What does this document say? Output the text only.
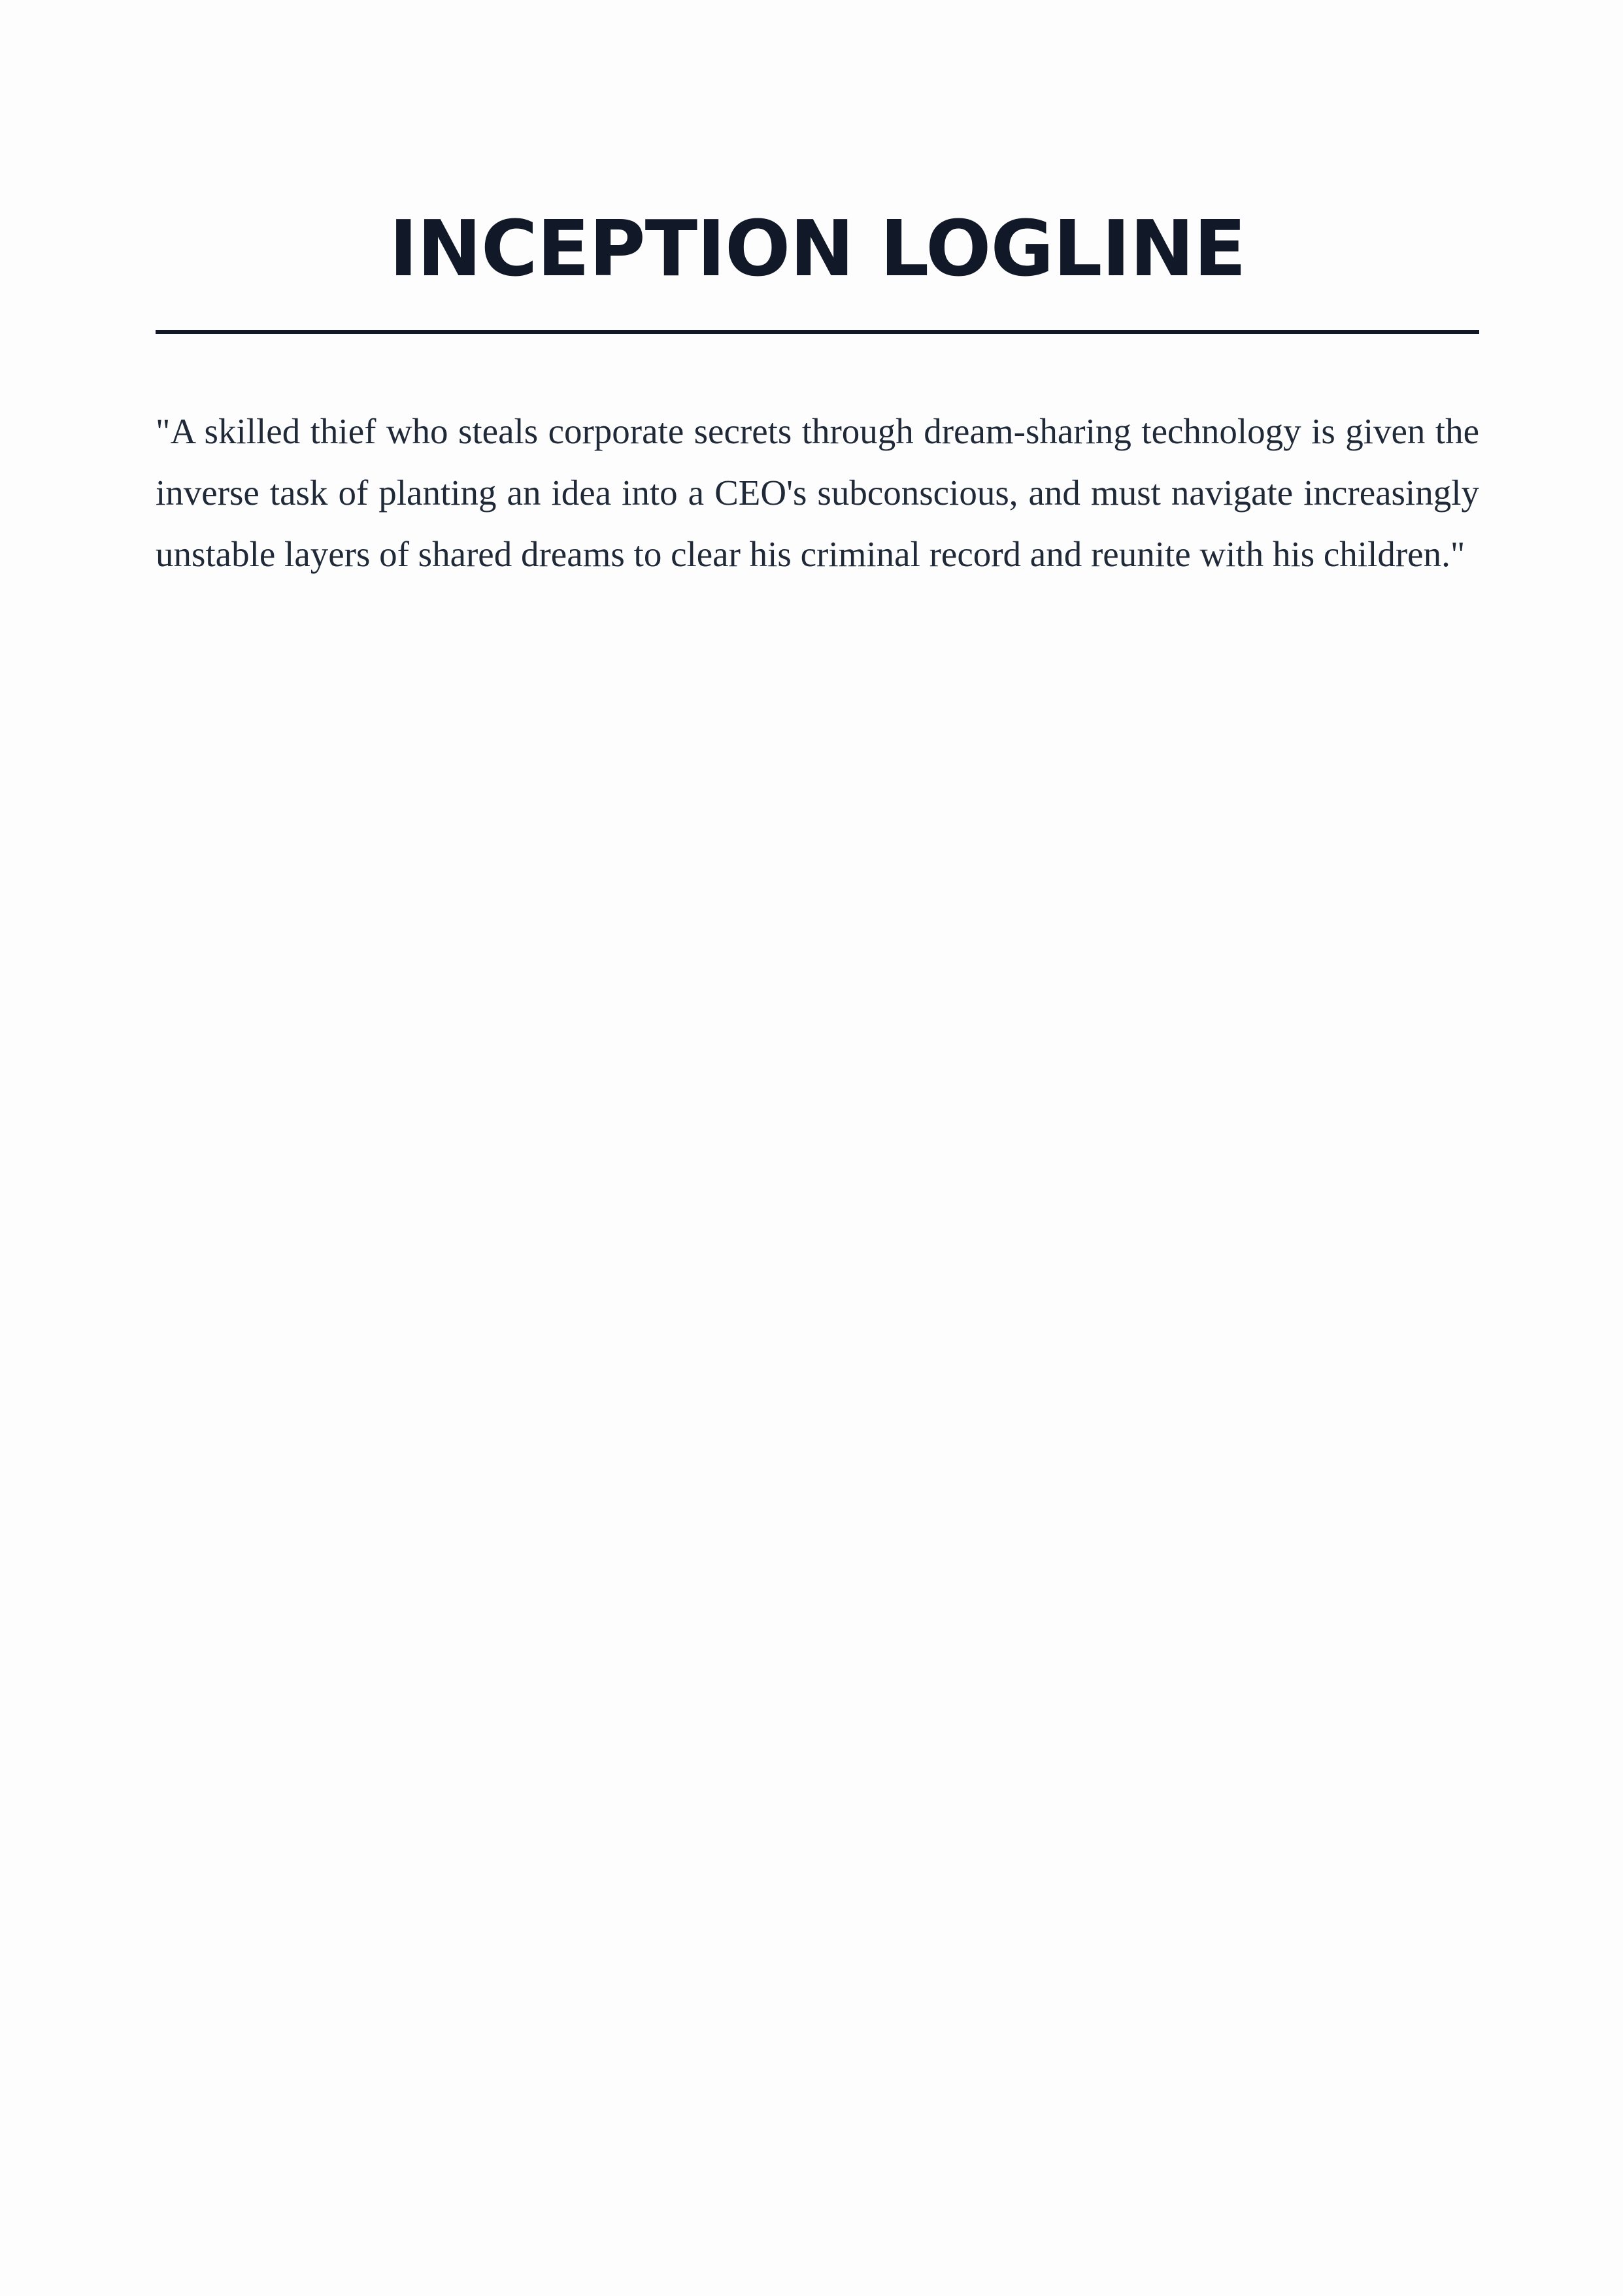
INCEPTION LOGLINE

"A skilled thief who steals corporate secrets through dream-sharing technology is given the inverse task of planting an idea into a CEO's subconscious, and must navigate increasingly unstable layers of shared dreams to clear his criminal record and reunite with his children."
